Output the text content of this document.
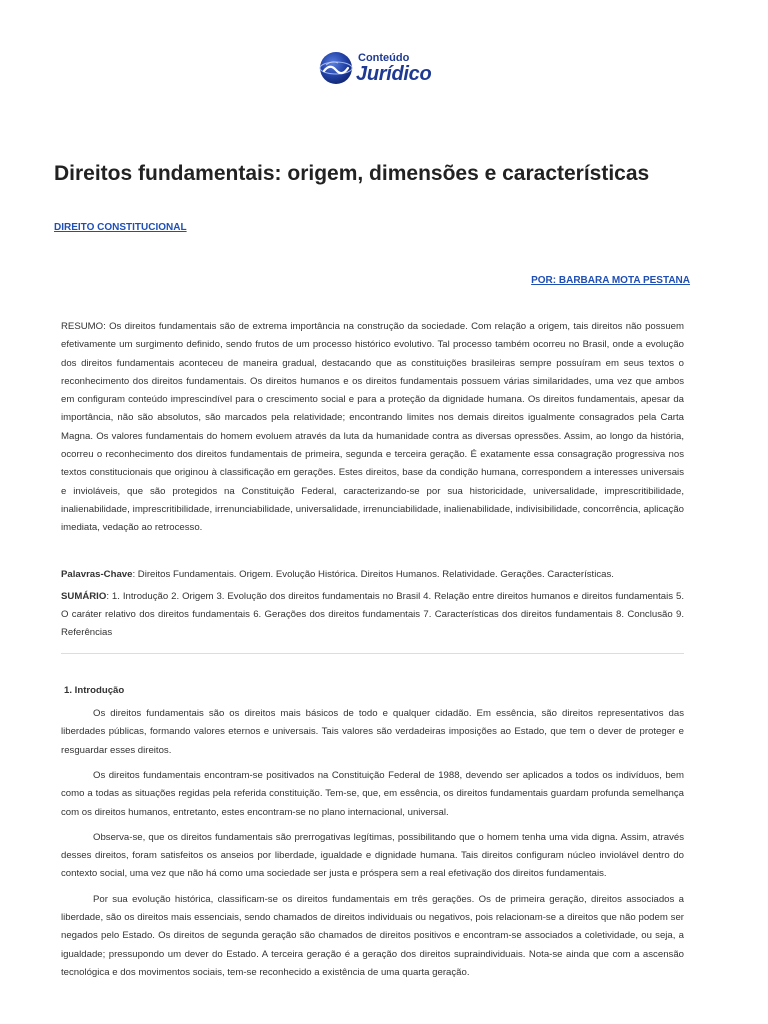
Conteúdo
Jurídico
Direitos fundamentais: origem, dimensões e características
DIREITO CONSTITUCIONAL
POR: BARBARA MOTA PESTANA

RESUMO: Os direitos fundamentais são de extrema importância na construção da sociedade. Com relação a origem, tais direitos não possuem efetivamente um surgimento definido, sendo frutos de um processo histórico evolutivo. Tal processo também ocorreu no Brasil, onde a evolução dos direitos fundamentais aconteceu de maneira gradual, destacando que as constituições brasileiras sempre possuíram em seus textos o reconhecimento dos direitos fundamentais. Os direitos humanos e os direitos fundamentais possuem várias similaridades, uma vez que ambos em configuram conteúdo imprescindível para o crescimento social e para a proteção da dignidade humana. Os direitos fundamentais, apesar da importância, não são absolutos, são marcados pela relatividade; encontrando limites nos demais direitos igualmente consagrados pela Carta Magna. Os valores fundamentais do homem evoluem através da luta da humanidade contra as diversas opressões. Assim, ao longo da história, ocorreu o reconhecimento dos direitos fundamentais de primeira, segunda e terceira geração. É exatamente essa consagração progressiva nos textos constitucionais que originou à classificação em gerações. Estes direitos, base da condição humana, correspondem a interesses universais e invioláveis, que são protegidos na Constituição Federal, caracterizando-se por sua historicidade, universalidade, imprescritibilidade, inalienabilidade, imprescritibilidade, irrenunciabilidade, universalidade, irrenunciabilidade, inalienabilidade, indivisibilidade, concorrência, aplicação imediata, vedação ao retrocesso.

Palavras-Chave: Direitos Fundamentais. Origem. Evolução Histórica. Direitos Humanos. Relatividade. Gerações. Características.

SUMÁRIO: 1. Introdução 2. Origem 3. Evolução dos direitos fundamentais no Brasil 4. Relação entre direitos humanos e direitos fundamentais 5. O caráter relativo dos direitos fundamentais 6. Gerações dos direitos fundamentais 7. Características dos direitos fundamentais 8. Conclusão 9. Referências

1. Introdução

Os direitos fundamentais são os direitos mais básicos de todo e qualquer cidadão. Em essência, são direitos representativos das liberdades públicas, formando valores eternos e universais. Tais valores são verdadeiras imposições ao Estado, que tem o dever de proteger e resguardar esses direitos.

Os direitos fundamentais encontram-se positivados na Constituição Federal de 1988, devendo ser aplicados a todos os indivíduos, bem como a todas as situações regidas pela referida constituição. Tem-se, que, em essência, os direitos fundamentais guardam profunda semelhança com os direitos humanos, entretanto, estes encontram-se no plano internacional, universal.

Observa-se, que os direitos fundamentais são prerrogativas legítimas, possibilitando que o homem tenha uma vida digna. Assim, através desses direitos, foram satisfeitos os anseios por liberdade, igualdade e dignidade humana. Tais direitos configuram núcleo inviolável dentro do contexto social, uma vez que não há como uma sociedade ser justa e próspera sem a real efetivação dos direitos fundamentais.

Por sua evolução histórica, classificam-se os direitos fundamentais em três gerações. Os de primeira geração, direitos associados a liberdade, são os direitos mais essenciais, sendo chamados de direitos individuais ou negativos, pois relacionam-se a direitos que não podem ser negados pelo Estado. Os direitos de segunda geração são chamados de direitos positivos e encontram-se associados a coletividade, ou seja, a igualdade; pressupondo um dever do Estado. A terceira geração é a geração dos direitos supraindividuais. Nota-se ainda que com a ascensão tecnológica e dos movimentos sociais, tem-se reconhecido a existência de uma quarta geração.
